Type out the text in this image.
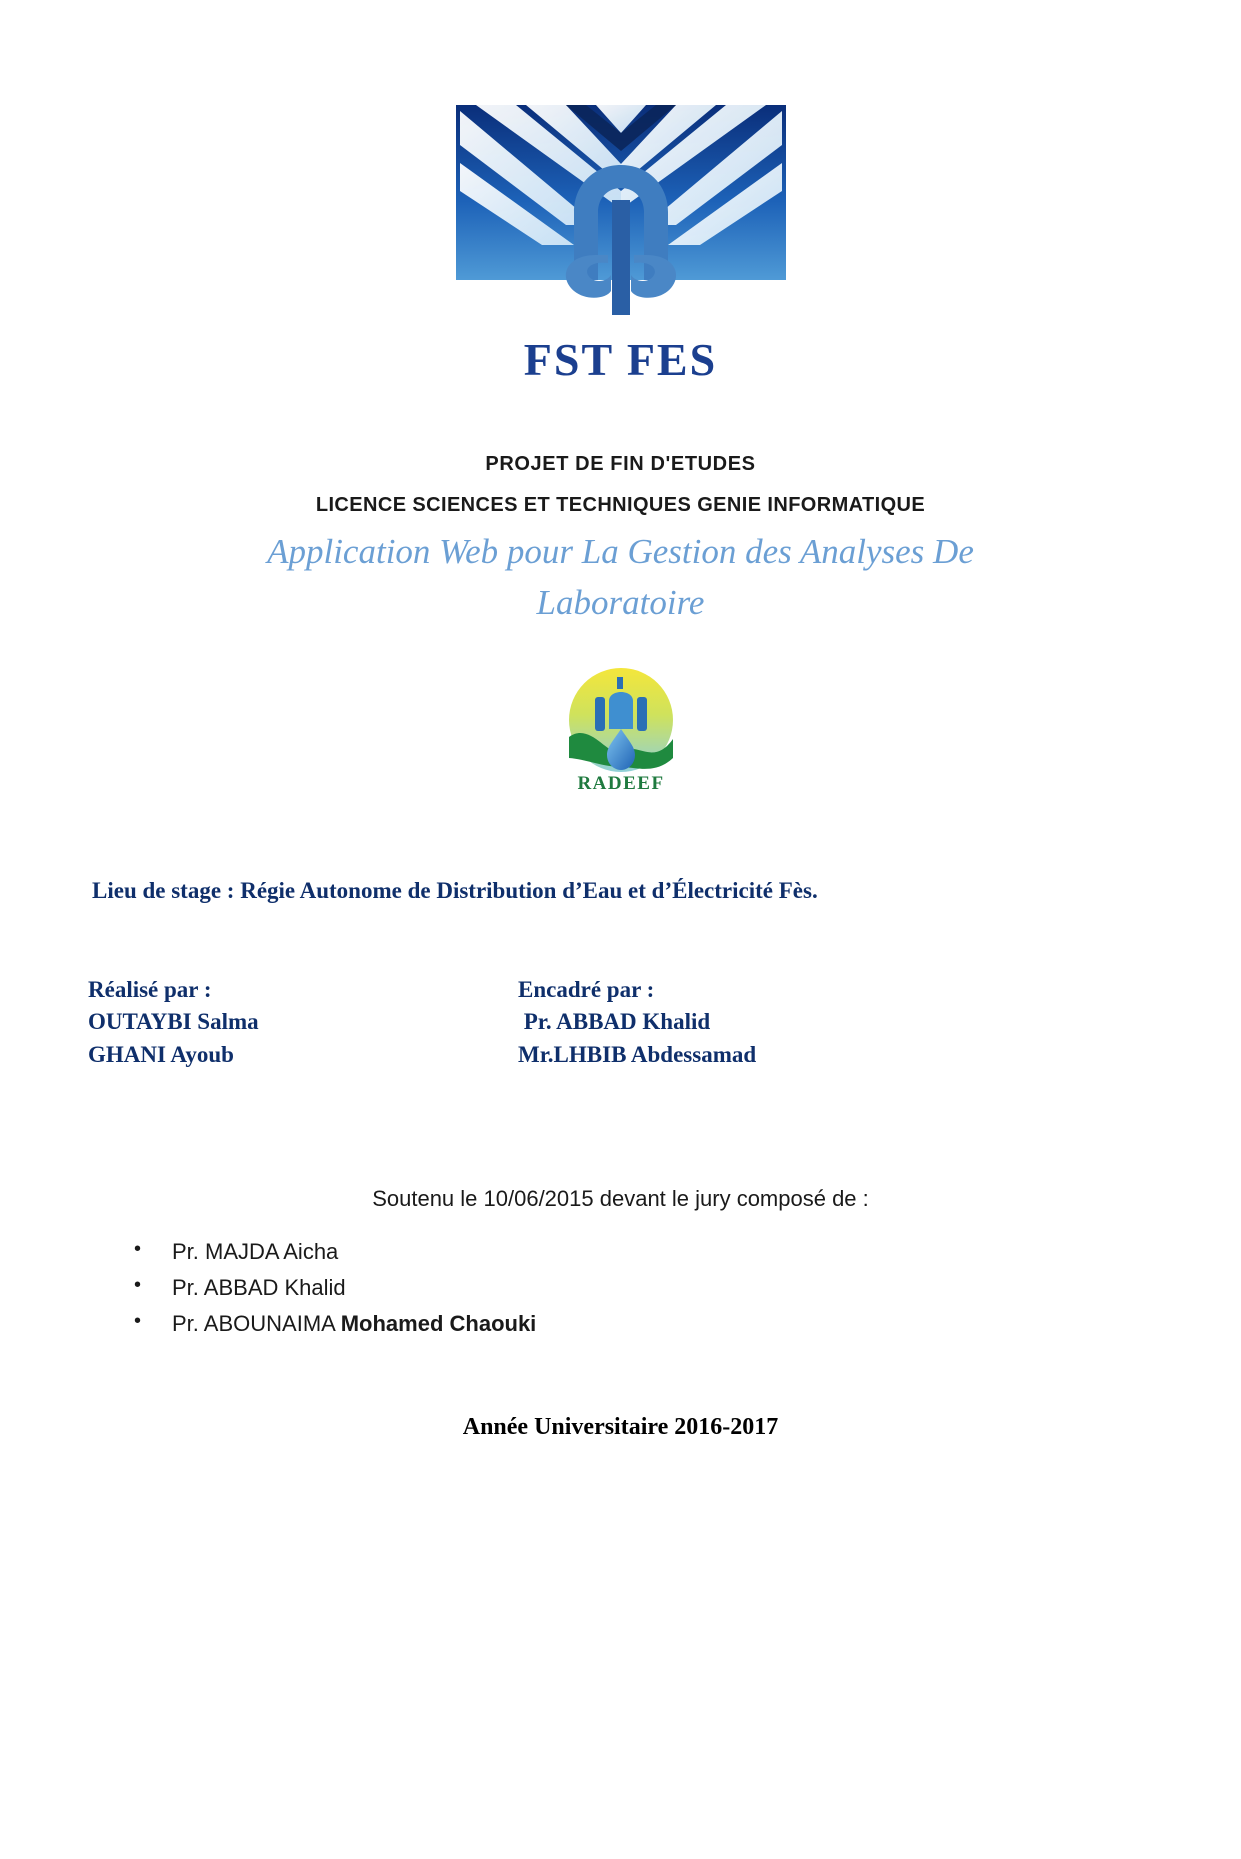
FST FES
PROJET DE FIN D'ETUDES
LICENCE SCIENCES ET TECHNIQUES GENIE INFORMATIQUE
Application Web pour La Gestion des Analyses De Laboratoire
RADEEF
Lieu de stage : Régie Autonome de Distribution d’Eau et d’Électricité Fès.
Réalisé par :
OUTAYBI Salma
GHANI Ayoub
Encadré par :
Pr. ABBAD Khalid
Mr.LHBIB Abdessamad
Soutenu le 10/06/2015 devant le jury composé de :
• Pr. MAJDA Aicha
• Pr. ABBAD Khalid
• Pr. ABOUNAIMA Mohamed Chaouki
Année Universitaire 2016-2017
